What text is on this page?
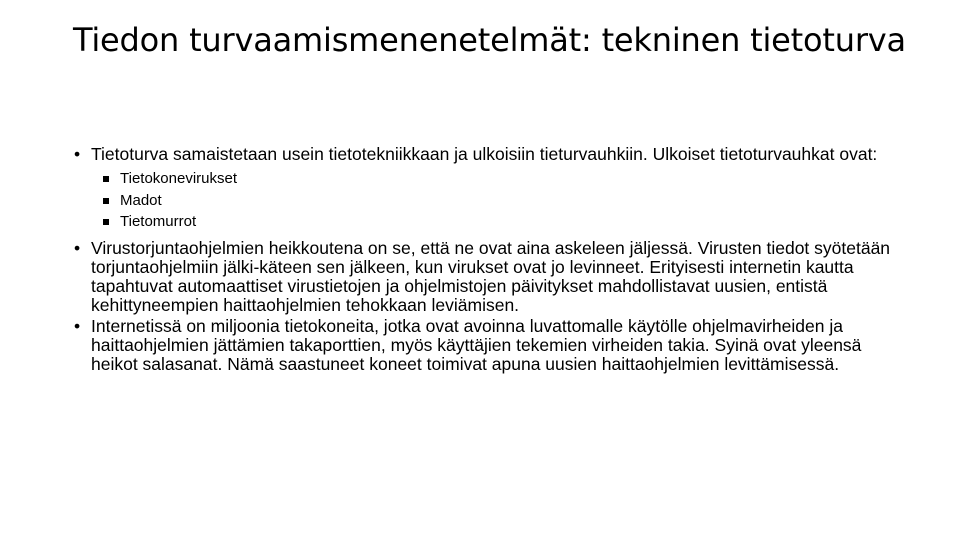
Tiedon turvaamismenenetelmät: tekninen tietoturva

• Tietoturva samaistetaan usein tietotekniikkaan ja ulkoisiin tieturvauhkiin. Ulkoiset tietoturvauhkat ovat:

Tietokonevirukset
Madot
Tietomurrot

• Virustorjuntaohjelmien heikkoutena on se, että ne ovat aina askeleen jäljessä. Virusten tiedot syötetään torjuntaohjelmiin jälki-käteen sen jälkeen, kun virukset ovat jo levinneet. Erityisesti internetin kautta tapahtuvat automaattiset virustietojen ja ohjelmistojen päivitykset mahdollistavat uusien, entistä kehittyneempien haittaohjelmien tehokkaan leviämisen.

• Internetissä on miljoonia tietokoneita, jotka ovat avoinna luvattomalle käytölle ohjelmavirheiden ja haittaohjelmien jättämien takaporttien, myös käyttäjien tekemien virheiden takia. Syinä ovat yleensä heikot salasanat. Nämä saastuneet koneet toimivat apuna uusien haittaohjelmien levittämisessä.
